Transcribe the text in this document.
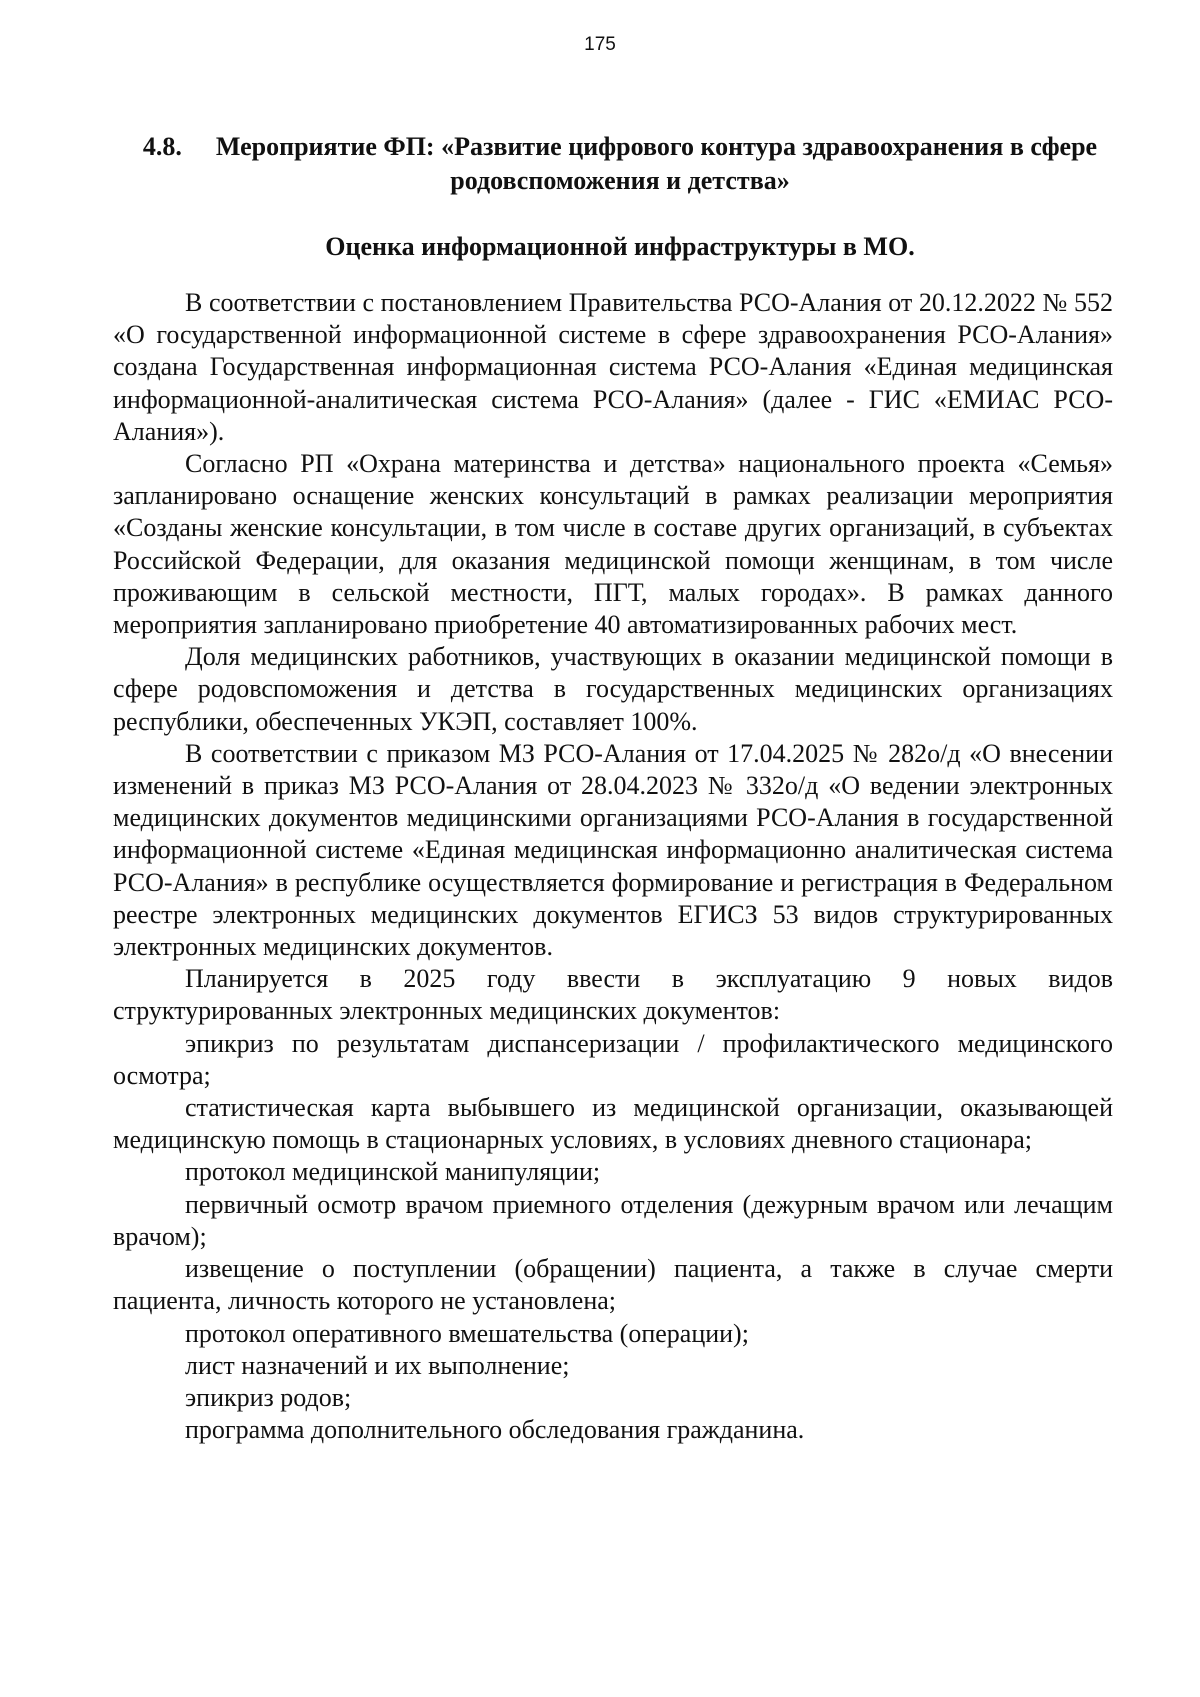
175
4.8. Мероприятие ФП: «Развитие цифрового контура здравоохранения в сфере родовспоможения и детства»
Оценка информационной инфраструктуры в МО.

В соответствии с постановлением Правительства РСО-Алания от 20.12.2022 № 552 «О государственной информационной системе в сфере здравоохранения РСО-Алания» создана Государственная информационная система РСО-Алания «Единая медицинская информационной-аналитическая система РСО-Алания» (далее - ГИС «ЕМИАС РСО-Алания»).

Согласно РП «Охрана материнства и детства» национального проекта «Семья» запланировано оснащение женских консультаций в рамках реализации мероприятия «Созданы женские консультации, в том числе в составе других организаций, в субъектах Российской Федерации, для оказания медицинской помощи женщинам, в том числе проживающим в сельской местности, ПГТ, малых городах». В рамках данного мероприятия запланировано приобретение 40 автоматизированных рабочих мест.

Доля медицинских работников, участвующих в оказании медицинской помощи в сфере родовспоможения и детства в государственных медицинских организациях республики, обеспеченных УКЭП, составляет 100%.

В соответствии с приказом МЗ РСО-Алания от 17.04.2025 № 282о/д «О внесении изменений в приказ МЗ РСО-Алания от 28.04.2023 № 332о/д «О ведении электронных медицинских документов медицинскими организациями РСО-Алания в государственной информационной системе «Единая медицинская информационно аналитическая система РСО-Алания» в республике осуществляется формирование и регистрация в Федеральном реестре электронных медицинских документов ЕГИСЗ 53 видов структурированных электронных медицинских документов.

Планируется в 2025 году ввести в эксплуатацию 9 новых видов структурированных электронных медицинских документов:

эпикриз по результатам диспансеризации / профилактического медицинского осмотра;
статистическая карта выбывшего из медицинской организации, оказывающей медицинскую помощь в стационарных условиях, в условиях дневного стационара;
протокол медицинской манипуляции;
первичный осмотр врачом приемного отделения (дежурным врачом или лечащим врачом);
извещение о поступлении (обращении) пациента, а также в случае смерти пациента, личность которого не установлена;
протокол оперативного вмешательства (операции);
лист назначений и их выполнение;
эпикриз родов;
программа дополнительного обследования гражданина.
